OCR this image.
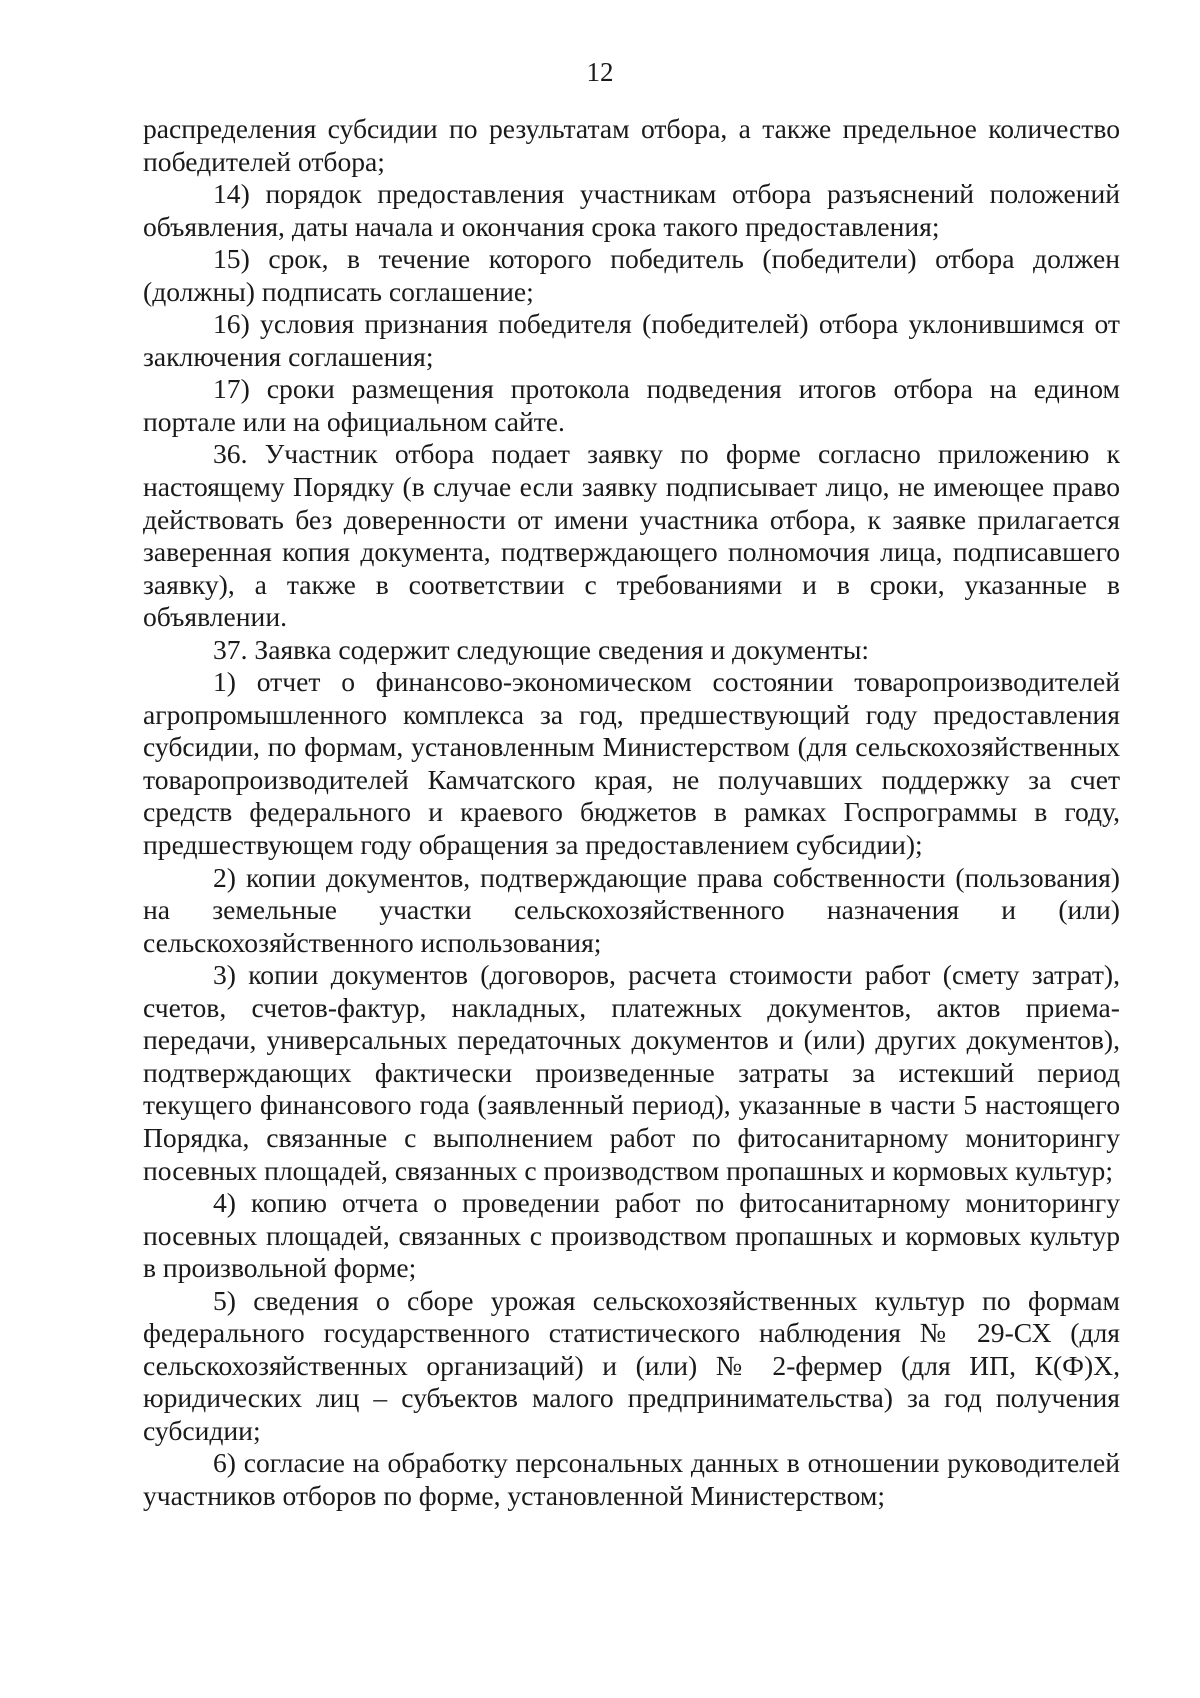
12

распределения субсидии по результатам отбора, а также предельное количество победителей отбора;

14) порядок предоставления участникам отбора разъяснений положений объявления, даты начала и окончания срока такого предоставления;

15) срок, в течение которого победитель (победители) отбора должен (должны) подписать соглашение;

16) условия признания победителя (победителей) отбора уклонившимся от заключения соглашения;

17) сроки размещения протокола подведения итогов отбора на едином портале или на официальном сайте.

36. Участник отбора подает заявку по форме согласно приложению к настоящему Порядку (в случае если заявку подписывает лицо, не имеющее право действовать без доверенности от имени участника отбора, к заявке прилагается заверенная копия документа, подтверждающего полномочия лица, подписавшего заявку), а также в соответствии с требованиями и в сроки, указанные в объявлении.

37. Заявка содержит следующие сведения и документы:

1) отчет о финансово-экономическом состоянии товаропроизводителей агропромышленного комплекса за год, предшествующий году предоставления субсидии, по формам, установленным Министерством (для сельскохозяйственных товаропроизводителей Камчатского края, не получавших поддержку за счет средств федерального и краевого бюджетов в рамках Госпрограммы в году, предшествующем году обращения за предоставлением субсидии);

2) копии документов, подтверждающие права собственности (пользования) на земельные участки сельскохозяйственного назначения и (или) сельскохозяйственного использования;

3) копии документов (договоров, расчета стоимости работ (смету затрат), счетов, счетов-фактур, накладных, платежных документов, актов приема-передачи, универсальных передаточных документов и (или) других документов), подтверждающих фактически произведенные затраты за истекший период текущего финансового года (заявленный период), указанные в части 5 настоящего Порядка, связанные с выполнением работ по фитосанитарному мониторингу посевных площадей, связанных с производством пропашных и кормовых культур;

4) копию отчета о проведении работ по фитосанитарному мониторингу посевных площадей, связанных с производством пропашных и кормовых культур в произвольной форме;

5) сведения о сборе урожая сельскохозяйственных культур по формам федерального государственного статистического наблюдения № 29-СХ (для сельскохозяйственных организаций) и (или) № 2-фермер (для ИП, К(Ф)Х, юридических лиц – субъектов малого предпринимательства) за год получения субсидии;

6) согласие на обработку персональных данных в отношении руководителей участников отборов по форме, установленной Министерством;
